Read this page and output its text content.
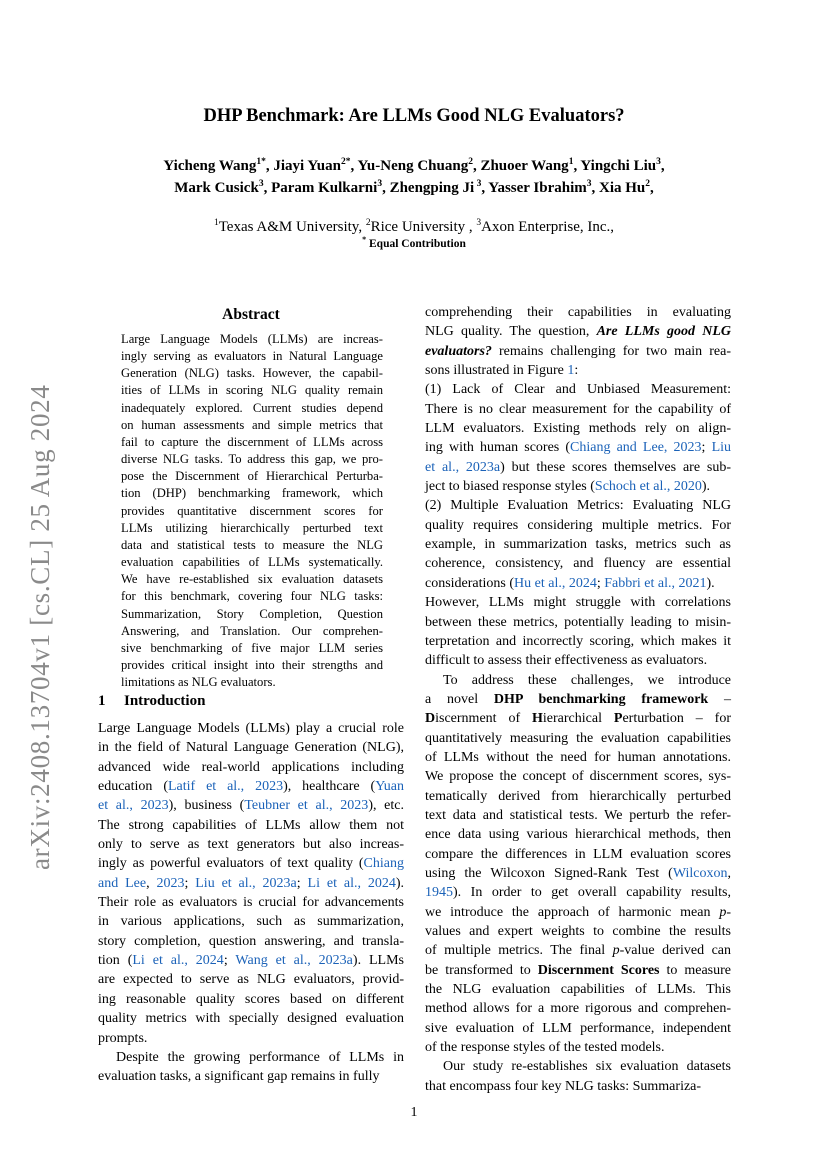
arXiv:2408.13704v1 [cs.CL] 25 Aug 2024
DHP Benchmark: Are LLMs Good NLG Evaluators?
Yicheng Wang$^{1*}$, Jiayi Yuan$^{2*}$, Yu-Neng Chuang$^2$, Zhuoer Wang$^1$, Yingchi Liu$^3$,
Mark Cusick$^3$, Param Kulkarni$^3$, Zhengping Ji $^3$, Yasser Ibrahim$^3$, Xia Hu$^2$,
$^1$Texas A&M University, $^2$Rice University , $^3$Axon Enterprise, Inc.,
* Equal Contribution
Abstract
Large Language Models (LLMs) are increas-
ingly serving as evaluators in Natural Language
Generation (NLG) tasks. However, the capabil-
ities of LLMs in scoring NLG quality remain
inadequately explored. Current studies depend
on human assessments and simple metrics that
fail to capture the discernment of LLMs across
diverse NLG tasks. To address this gap, we pro-
pose the Discernment of Hierarchical Perturba-
tion (DHP) benchmarking framework, which
provides quantitative discernment scores for
LLMs utilizing hierarchically perturbed text
data and statistical tests to measure the NLG
evaluation capabilities of LLMs systematically.
We have re-established six evaluation datasets
for this benchmark, covering four NLG tasks:
Summarization, Story Completion, Question
Answering, and Translation. Our comprehen-
sive benchmarking of five major LLM series
provides critical insight into their strengths and
limitations as NLG evaluators.
1 Introduction
Large Language Models (LLMs) play a crucial role
in the field of Natural Language Generation (NLG),
advanced wide real-world applications including
education (Latif et al., 2023), healthcare (Yuan
et al., 2023), business (Teubner et al., 2023), etc.
The strong capabilities of LLMs allow them not
only to serve as text generators but also increas-
ingly as powerful evaluators of text quality (Chiang
and Lee, 2023; Liu et al., 2023a; Li et al., 2024).
Their role as evaluators is crucial for advancements
in various applications, such as summarization,
story completion, question answering, and transla-
tion (Li et al., 2024; Wang et al., 2023a). LLMs
are expected to serve as NLG evaluators, provid-
ing reasonable quality scores based on different
quality metrics with specially designed evaluation
prompts.
Despite the growing performance of LLMs in
evaluation tasks, a significant gap remains in fully
comprehending their capabilities in evaluating
NLG quality. The question, Are LLMs good NLG
evaluators? remains challenging for two main rea-
sons illustrated in Figure 1:
(1) Lack of Clear and Unbiased Measurement:
There is no clear measurement for the capability of
LLM evaluators. Existing methods rely on align-
ing with human scores (Chiang and Lee, 2023; Liu
et al., 2023a) but these scores themselves are sub-
ject to biased response styles (Schoch et al., 2020).
(2) Multiple Evaluation Metrics: Evaluating NLG
quality requires considering multiple metrics. For
example, in summarization tasks, metrics such as
coherence, consistency, and fluency are essential
considerations (Hu et al., 2024; Fabbri et al., 2021).
However, LLMs might struggle with correlations
between these metrics, potentially leading to misin-
terpretation and incorrectly scoring, which makes it
difficult to assess their effectiveness as evaluators.
To address these challenges, we introduce
a novel DHP benchmarking framework –
Discernment of Hierarchical Perturbation – for
quantitatively measuring the evaluation capabilities
of LLMs without the need for human annotations.
We propose the concept of discernment scores, sys-
tematically derived from hierarchically perturbed
text data and statistical tests. We perturb the refer-
ence data using various hierarchical methods, then
compare the differences in LLM evaluation scores
using the Wilcoxon Signed-Rank Test (Wilcoxon,
1945). In order to get overall capability results,
we introduce the approach of harmonic mean p-
values and expert weights to combine the results
of multiple metrics. The final p-value derived can
be transformed to Discernment Scores to measure
the NLG evaluation capabilities of LLMs. This
method allows for a more rigorous and comprehen-
sive evaluation of LLM performance, independent
of the response styles of the tested models.
Our study re-establishes six evaluation datasets
that encompass four key NLG tasks: Summariza-
1
